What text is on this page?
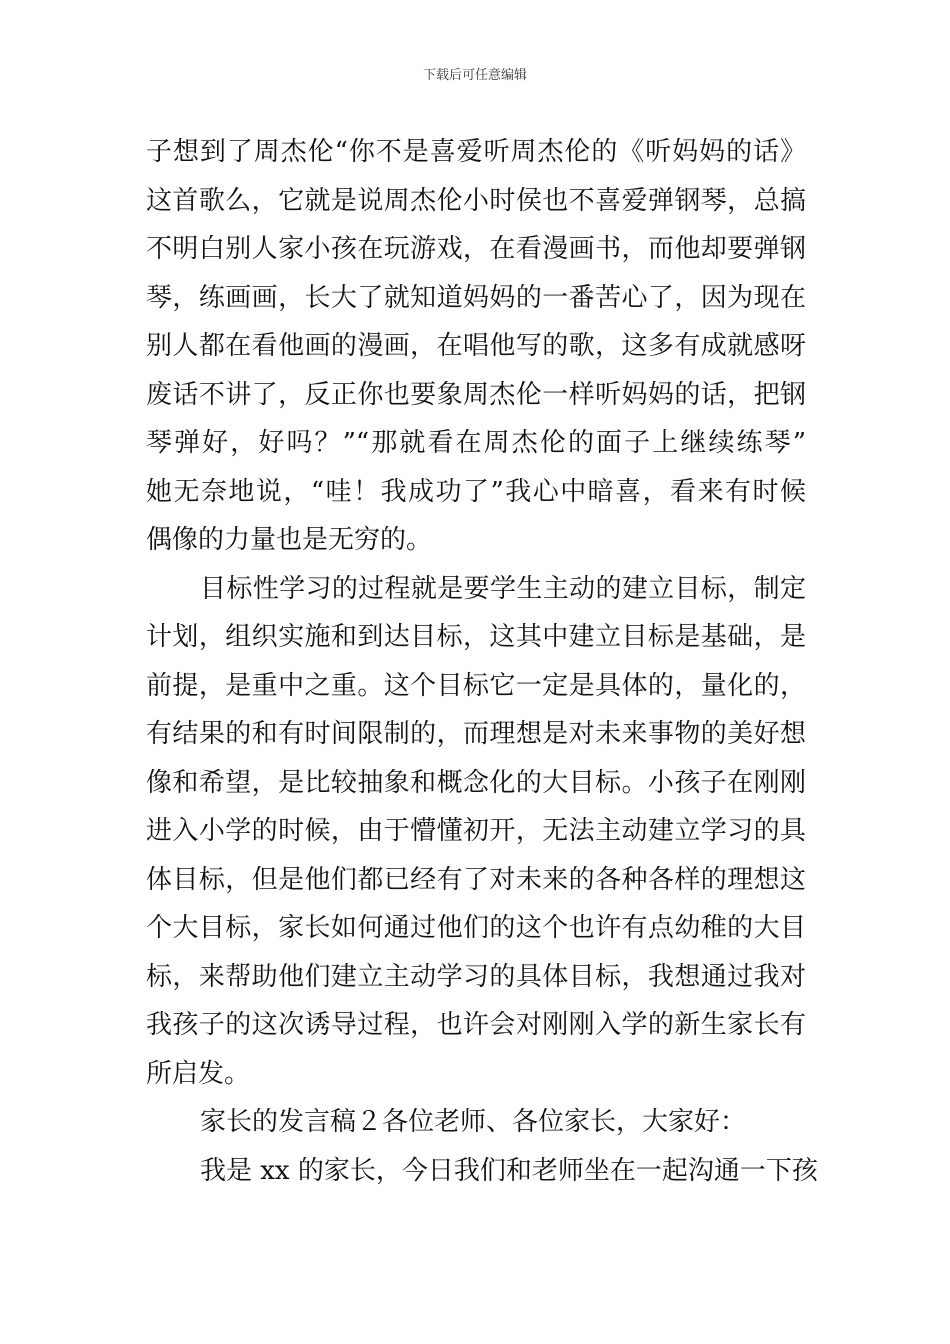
下载后可任意编辑
子想到了周杰伦“你不是喜爱听周杰伦的《听妈妈的话》
这首歌么，它就是说周杰伦小时侯也不喜爱弹钢琴，总搞
不明白别人家小孩在玩游戏，在看漫画书，而他却要弹钢
琴，练画画，长大了就知道妈妈的一番苦心了，因为现在
别人都在看他画的漫画，在唱他写的歌，这多有成就感呀
废话不讲了，反正你也要象周杰伦一样听妈妈的话，把钢
琴弹好，好吗？”“那就看在周杰伦的面子上继续练琴”
她无奈地说，“哇！我成功了”我心中暗喜，看来有时候
偶像的力量也是无穷的。
目标性学习的过程就是要学生主动的建立目标，制定
计划，组织实施和到达目标，这其中建立目标是基础，是
前提，是重中之重。这个目标它一定是具体的，量化的，
有结果的和有时间限制的，而理想是对未来事物的美好想
像和希望，是比较抽象和概念化的大目标。小孩子在刚刚
进入小学的时候，由于懵懂初开，无法主动建立学习的具
体目标，但是他们都已经有了对未来的各种各样的理想这
个大目标，家长如何通过他们的这个也许有点幼稚的大目
标，来帮助他们建立主动学习的具体目标，我想通过我对
我孩子的这次诱导过程，也许会对刚刚入学的新生家长有
所启发。
家长的发言稿２各位老师、各位家长，大家好：
我是 xx 的家长，今日我们和老师坐在一起沟通一下孩
